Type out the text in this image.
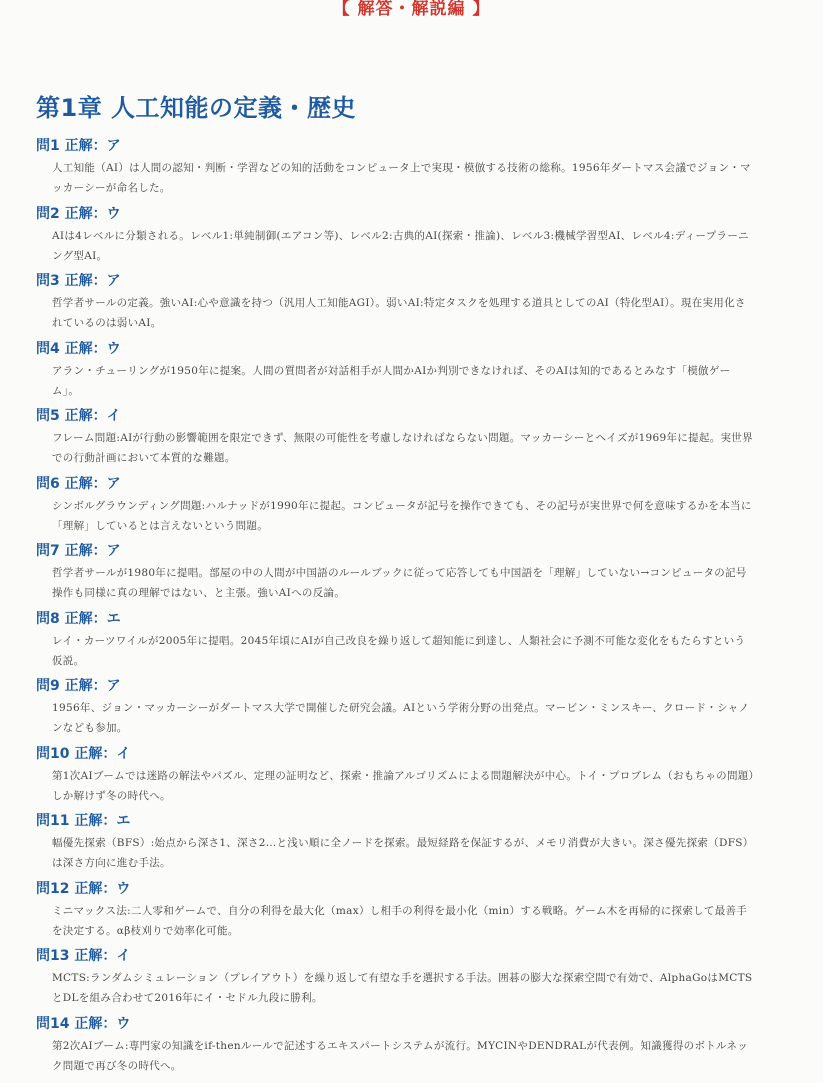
【 解答・解説編 】
第1章 人工知能の定義・歴史
問1 正解：ア
人工知能（AI）は人間の認知・判断・学習などの知的活動をコンピュータ上で実現・模倣する技術の総称。1956年ダートマス会議でジョン・マッカーシーが命名した。
問2 正解：ウ
AIは4レベルに分類される。レベル1:単純制御(エアコン等)、レベル2:古典的AI(探索・推論)、レベル3:機械学習型AI、レベル4:ディープラーニング型AI。
問3 正解：ア
哲学者サールの定義。強いAI:心や意識を持つ（汎用人工知能AGI）。弱いAI:特定タスクを処理する道具としてのAI（特化型AI）。現在実用化されているのは弱いAI。
問4 正解：ウ
アラン・チューリングが1950年に提案。人間の質問者が対話相手が人間かAIか判別できなければ、そのAIは知的であるとみなす「模倣ゲーム」。
問5 正解：イ
フレーム問題:AIが行動の影響範囲を限定できず、無限の可能性を考慮しなければならない問題。マッカーシーとヘイズが1969年に提起。実世界での行動計画において本質的な難題。
問6 正解：ア
シンボルグラウンディング問題:ハルナッドが1990年に提起。コンピュータが記号を操作できても、その記号が実世界で何を意味するかを本当に「理解」しているとは言えないという問題。
問7 正解：ア
哲学者サールが1980年に提唱。部屋の中の人間が中国語のルールブックに従って応答しても中国語を「理解」していない→コンピュータの記号操作も同様に真の理解ではない、と主張。強いAIへの反論。
問8 正解：エ
レイ・カーツワイルが2005年に提唱。2045年頃にAIが自己改良を繰り返して超知能に到達し、人類社会に予測不可能な変化をもたらすという仮説。
問9 正解：ア
1956年、ジョン・マッカーシーがダートマス大学で開催した研究会議。AIという学術分野の出発点。マービン・ミンスキー、クロード・シャノンなども参加。
問10 正解：イ
第1次AIブームでは迷路の解法やパズル、定理の証明など、探索・推論アルゴリズムによる問題解決が中心。トイ・プロブレム（おもちゃの問題）しか解けず冬の時代へ。
問11 正解：エ
幅優先探索（BFS）:始点から深さ1、深さ2…と浅い順に全ノードを探索。最短経路を保証するが、メモリ消費が大きい。深さ優先探索（DFS）は深さ方向に進む手法。
問12 正解：ウ
ミニマックス法:二人零和ゲームで、自分の利得を最大化（max）し相手の利得を最小化（min）する戦略。ゲーム木を再帰的に探索して最善手を決定する。αβ枝刈りで効率化可能。
問13 正解：イ
MCTS:ランダムシミュレーション（プレイアウト）を繰り返して有望な手を選択する手法。囲碁の膨大な探索空間で有効で、AlphaGoはMCTSとDLを組み合わせて2016年にイ・セドル九段に勝利。
問14 正解：ウ
第2次AIブーム:専門家の知識をif-thenルールで記述するエキスパートシステムが流行。MYCINやDENDRALが代表例。知識獲得のボトルネック問題で再び冬の時代へ。
